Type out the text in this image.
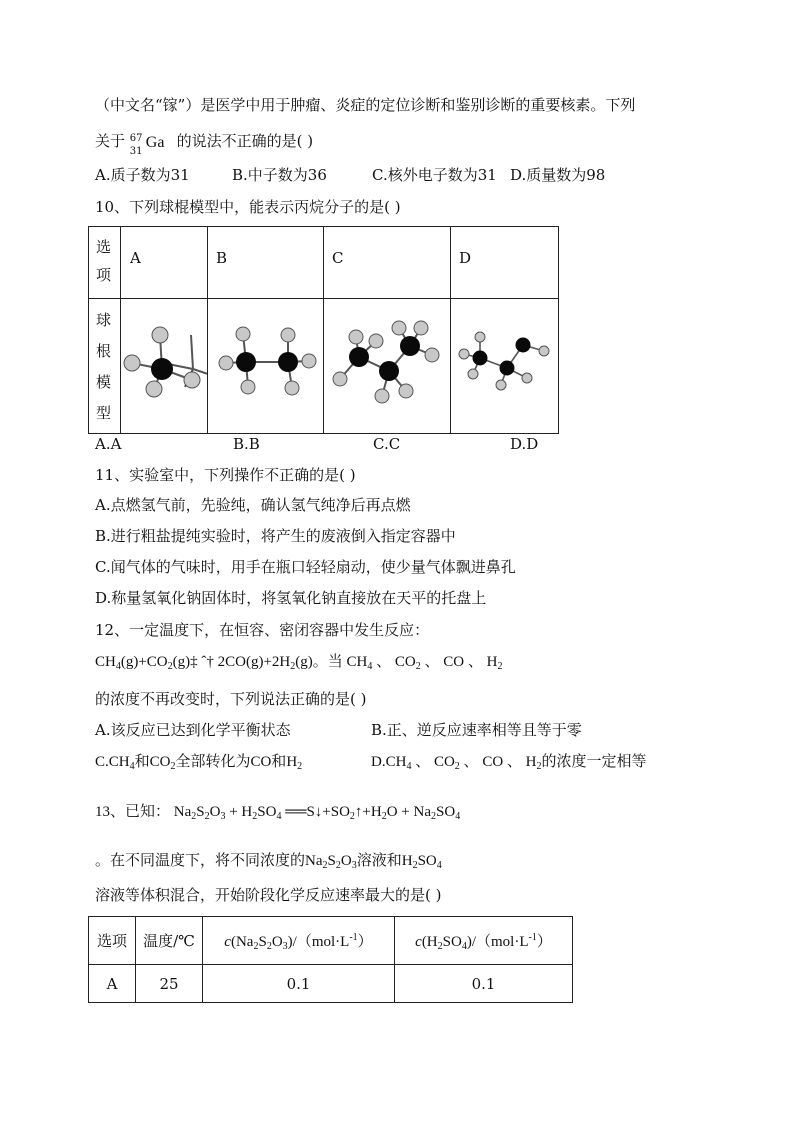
（中文名“镓”）是医学中用于肿瘤、炎症的定位诊断和鉴别诊断的重要核素。下列
关于 67
31
Ga 的说法不正确的是( )
A.质子数为31	B.中子数为36	C.核外电子数为31 D.质量数为98
10、下列球棍模型中，能表示丙烷分子的是( )
选
项	A	B	C	D

球
根
模
型

A.A	B.B	C.C	D.D
11、实验室中，下列操作不正确的是( )
A.点燃氢气前，先验纯，确认氢气纯净后再点燃
B.进行粗盐提纯实验时，将产生的废液倒入指定容器中
C.闻气体的气味时，用手在瓶口轻轻扇动，使少量气体飘进鼻孔
D.称量氢氧化钠固体时，将氢氧化钠直接放在天平的托盘上
12、一定温度下，在恒容、密闭容器中发生反应：
$CH_4(g)+CO_2(g)\ddagger$ ˆ† $2CO(g)+2H_2(g)$。当 $CH_4$ 、 $CO_2$ 、 CO 、 $H_2$
的浓度不再改变时，下列说法正确的是( )
A.该反应已达到化学平衡状态	B.正、逆反应速率相等且等于零
$C.CH_4$和$CO_2$全部转化为CO和$H_2$	$D.CH_4$ 、 $CO_2$ 、 CO 、 $H_2$的浓度一定相等
13、已知： $Na_2S_2O_3 + H_2SO_4$ $══S↓+SO_2↑+H_2O + Na_2SO_4$
。在不同温度下，将不同浓度的$Na_2S_2O_3$溶液和$H_2SO_4$
溶液等体积混合，开始阶段化学反应速率最大的是( )
选项	温度/℃	$c(Na_2S_2O_3)/(mol\cdot L^{-1})$	$c(H_2SO_4)/(mol\cdot L^{-1})$
A	25	0.1	0.1
